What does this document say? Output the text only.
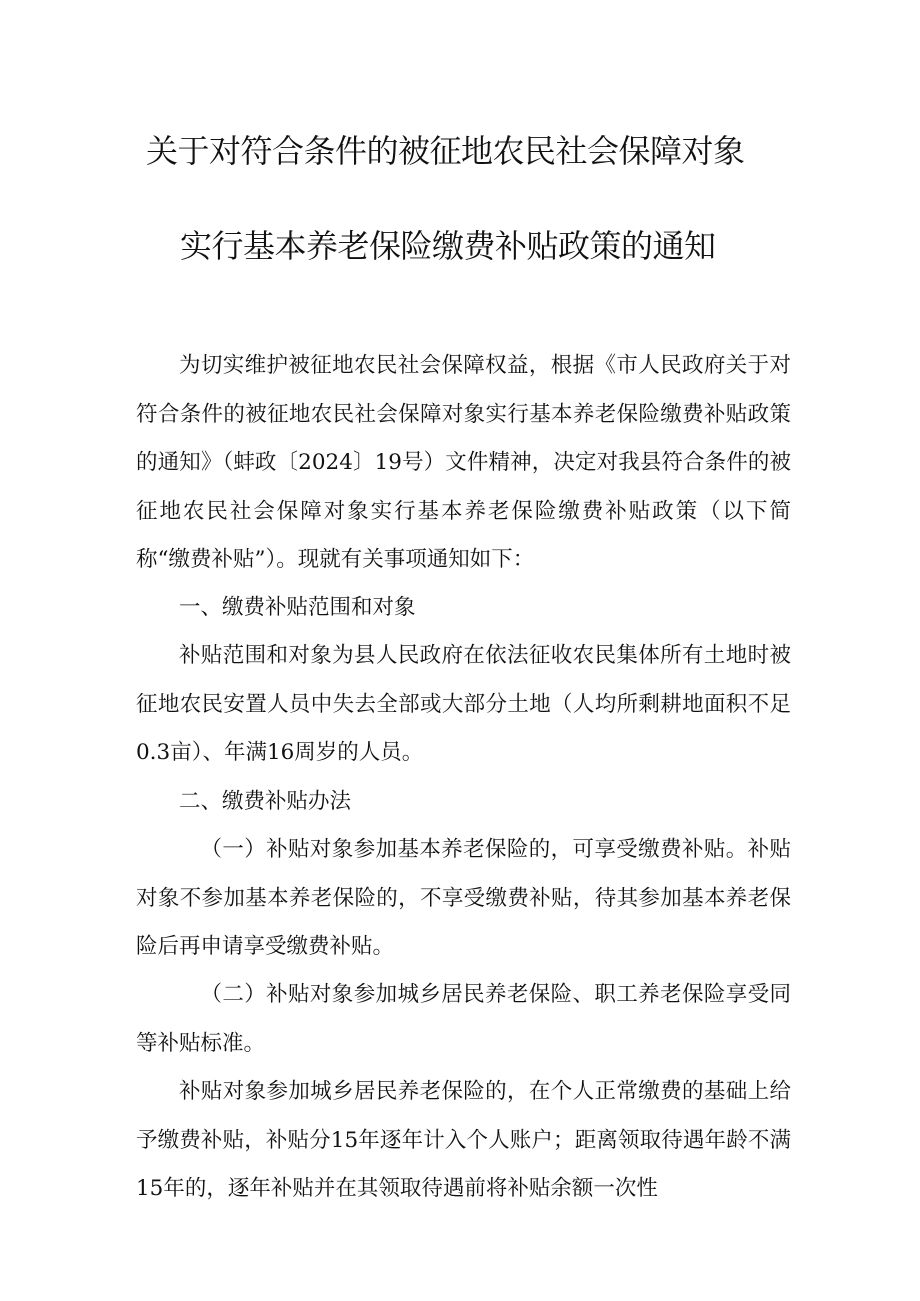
关于对符合条件的被征地农民社会保障对象
实行基本养老保险缴费补贴政策的通知

为切实维护被征地农民社会保障权益，根据《市人民政府关于对符合条件的被征地农民社会保障对象实行基本养老保险缴费补贴政策的通知》（蚌政〔2024〕19号）文件精神，决定对我县符合条件的被征地农民社会保障对象实行基本养老保险缴费补贴政策（以下简称“缴费补贴”）。现就有关事项通知如下：

一、缴费补贴范围和对象

补贴范围和对象为县人民政府在依法征收农民集体所有土地时被征地农民安置人员中失去全部或大部分土地（人均所剩耕地面积不足0.3亩）、年满16周岁的人员。

二、缴费补贴办法

（一）补贴对象参加基本养老保险的，可享受缴费补贴。补贴对象不参加基本养老保险的，不享受缴费补贴，待其参加基本养老保险后再申请享受缴费补贴。

（二）补贴对象参加城乡居民养老保险、职工养老保险享受同等补贴标准。

补贴对象参加城乡居民养老保险的，在个人正常缴费的基础上给予缴费补贴，补贴分15年逐年计入个人账户；距离领取待遇年龄不满15年的，逐年补贴并在其领取待遇前将补贴余额一次性
